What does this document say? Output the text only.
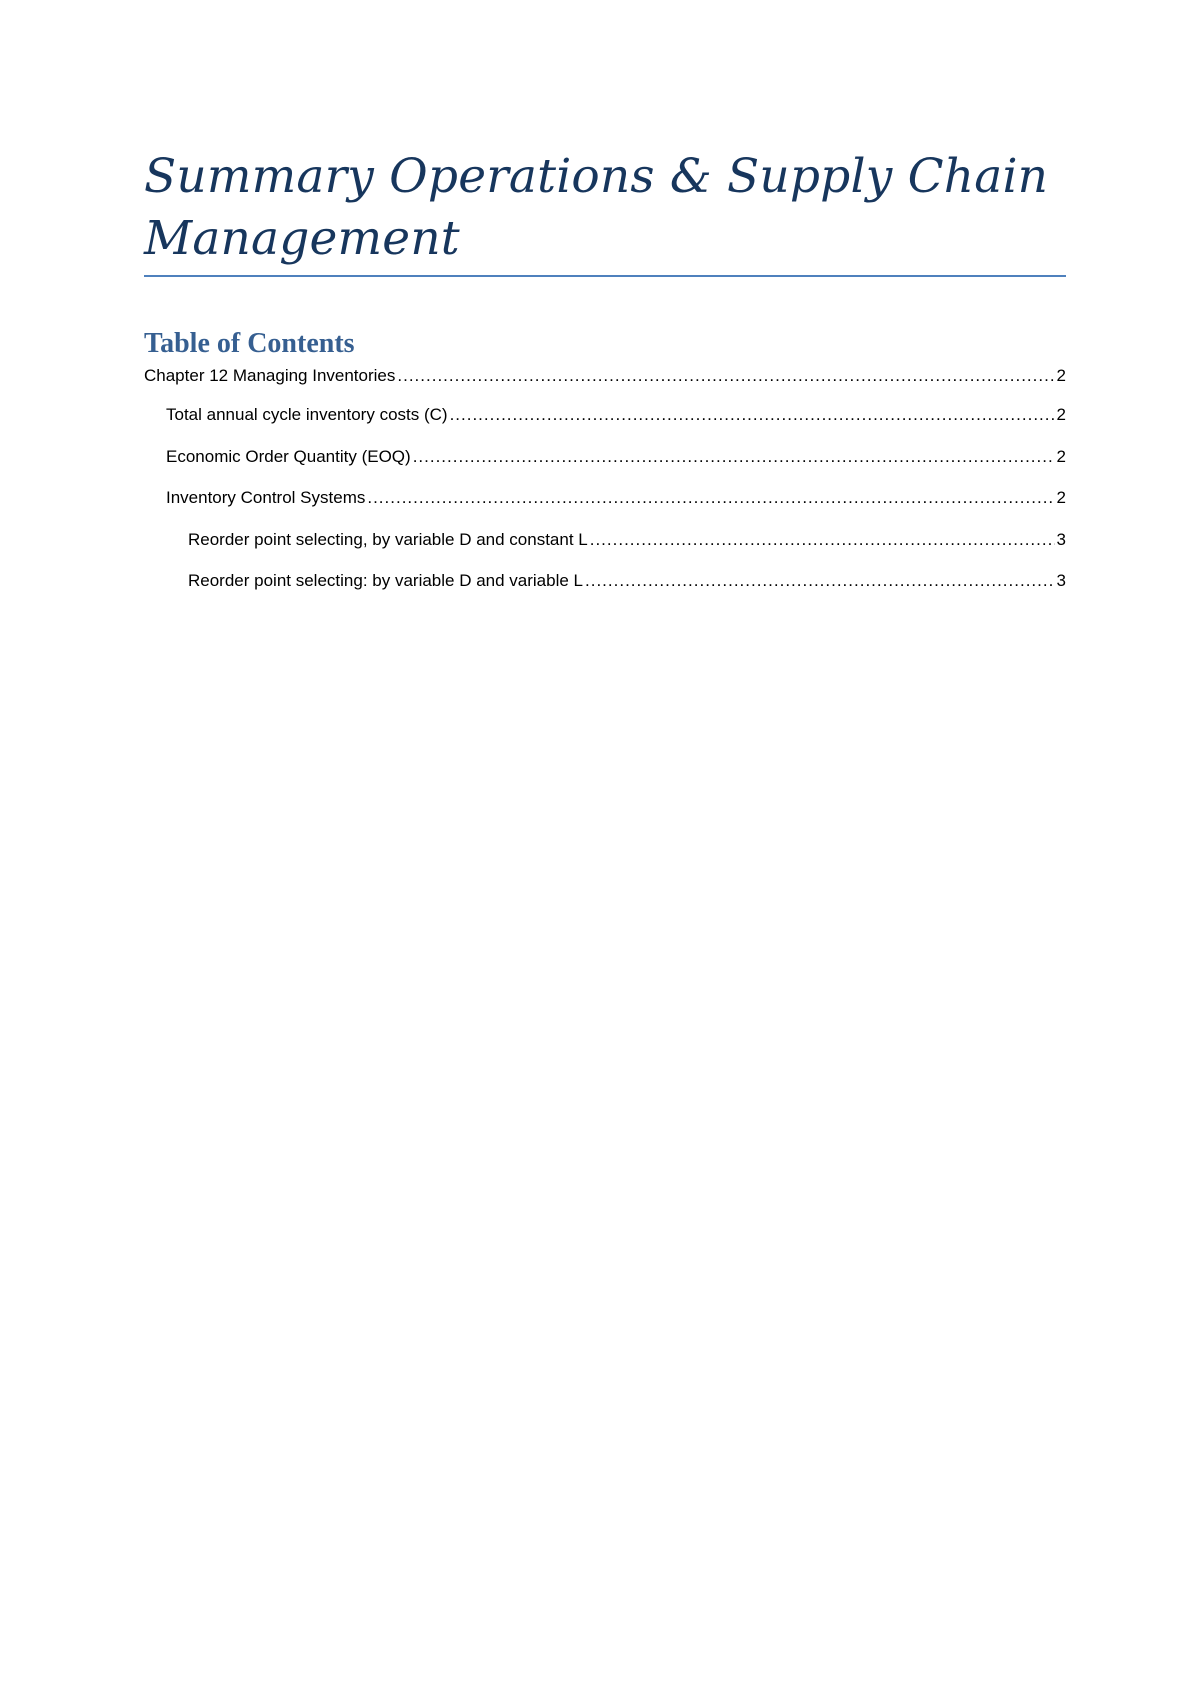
Summary Operations & Supply Chain Management
Table of Contents
Chapter 12 Managing Inventories .....	2
Total annual cycle inventory costs (C) .....	2
Economic Order Quantity (EOQ) .....	2
Inventory Control Systems .....	2
Reorder point selecting, by variable D and constant L .....	3
Reorder point selecting: by variable D and variable L .....	3
